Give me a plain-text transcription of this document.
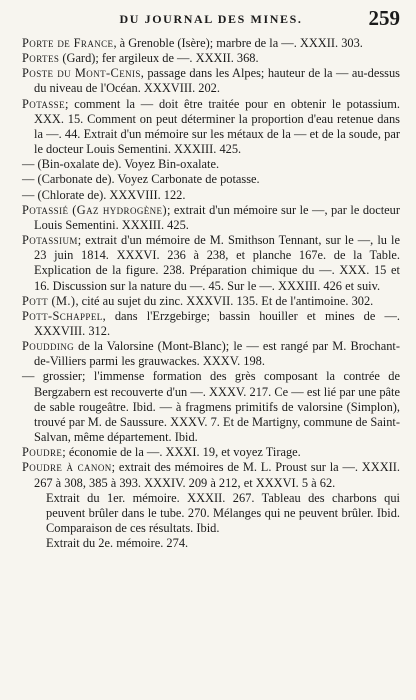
DU JOURNAL DES MINES.	259
Porte de France, à Grenoble (Isère); marbre de la —. XXXII. 303.
Portes (Gard); fer argileux de —. XXXII. 368.
Poste du Mont-Cenis, passage dans les Alpes; hauteur de la — au-dessus du niveau de l'Océan. XXXVIII. 202.
Potasse; comment la — doit être traitée pour en obtenir le potassium. XXX. 15. Comment on peut déterminer la proportion d'eau retenue dans la —. 44. Extrait d'un mémoire sur les métaux de la — et de la soude, par le docteur Louis Sementini. XXXIII. 425.
— (Bin-oxalate de). Voyez Bin-oxalate.
— (Carbonate de). Voyez Carbonate de potasse.
— (Chlorate de). XXXVIII. 122.
Potassié (Gaz hydrogène); extrait d'un mémoire sur le —, par le docteur Louis Sementini. XXXIII. 425.
Potassium; extrait d'un mémoire de M. Smithson Tennant, sur le —, lu le 23 juin 1814. XXXVI. 236 à 238, et planche 167e. de la Table. Explication de la figure. 238. Préparation chimique du —. XXX. 15 et 16. Discussion sur la nature du —. 45. Sur le —. XXXIII. 426 et suiv.
Pott (M.), cité au sujet du zinc. XXXVII. 135. Et de l'antimoine. 302.
Pott-Schappel, dans l'Erzgebirge; bassin houiller et mines de —. XXXVIII. 312.
Poudding de la Valorsine (Mont-Blanc); le — est rangé par M. Brochant-de-Villiers parmi les grauwackes. XXXV. 198.
— grossier; l'immense formation des grès composant la contrée de Bergzabern est recouverte d'un —. XXXV. 217. Ce — est lié par une pâte de sable rougeâtre. Ibid. — à fragmens primitifs de valorsine (Simplon), trouvé par M. de Saussure. XXXV. 7. Et de Martigny, commune de Saint-Salvan, même département. Ibid.
Poudre; économie de la —. XXXI. 19, et voyez Tirage.
Poudre à canon; extrait des mémoires de M. L. Proust sur la —. XXXII. 267 à 308, 385 à 393. XXXIV. 209 à 212, et XXXVI. 5 à 62.
Extrait du 1er. mémoire. XXXII. 267. Tableau des charbons qui peuvent brûler dans le tube. 270. Mélanges qui ne peuvent brûler. Ibid. Comparaison de ces résultats. Ibid.
Extrait du 2e. mémoire. 274.
